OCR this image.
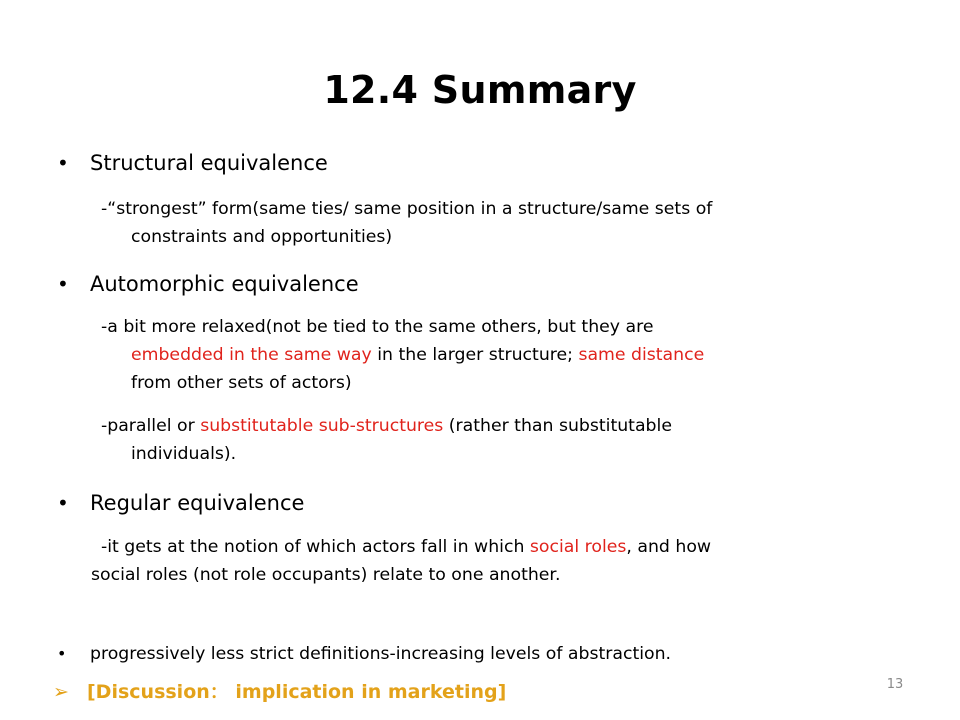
12.4 Summary
• Structural equivalence
-“strongest” form(same ties/ same position in a structure/same sets of
constraints and opportunities)
• Automorphic equivalence
-a bit more relaxed(not be tied to the same others, but they are
embedded in the same way in the larger structure; same distance
from other sets of actors)
-parallel or substitutable sub-structures (rather than substitutable
individuals).
• Regular equivalence
-it gets at the notion of which actors fall in which social roles, and how
social roles (not role occupants) relate to one another.
• progressively less strict definitions-increasing levels of abstraction.
➢ [Discussion： implication in marketing]	13
